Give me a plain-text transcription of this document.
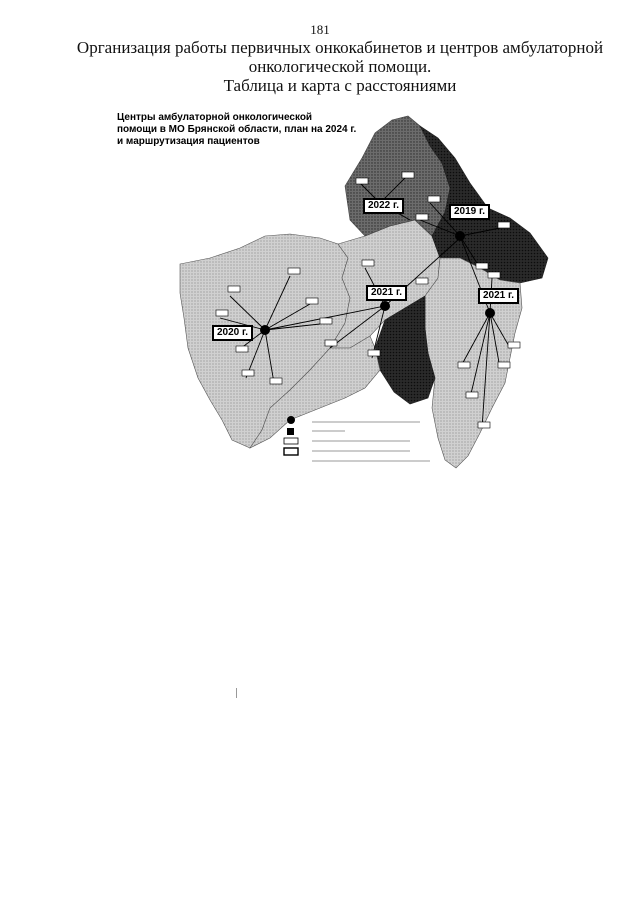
181
Организация работы первичных онкокабинетов и центров амбулаторной
онкологической помощи.
Таблица и карта с расстояниями
Центры амбулаторной онкологической
помощи в МО Брянской области, план на 2024 г.
и маршрутизация пациентов
2022 г.
2019 г.
2021 г.	2021 г.
2020 г.
